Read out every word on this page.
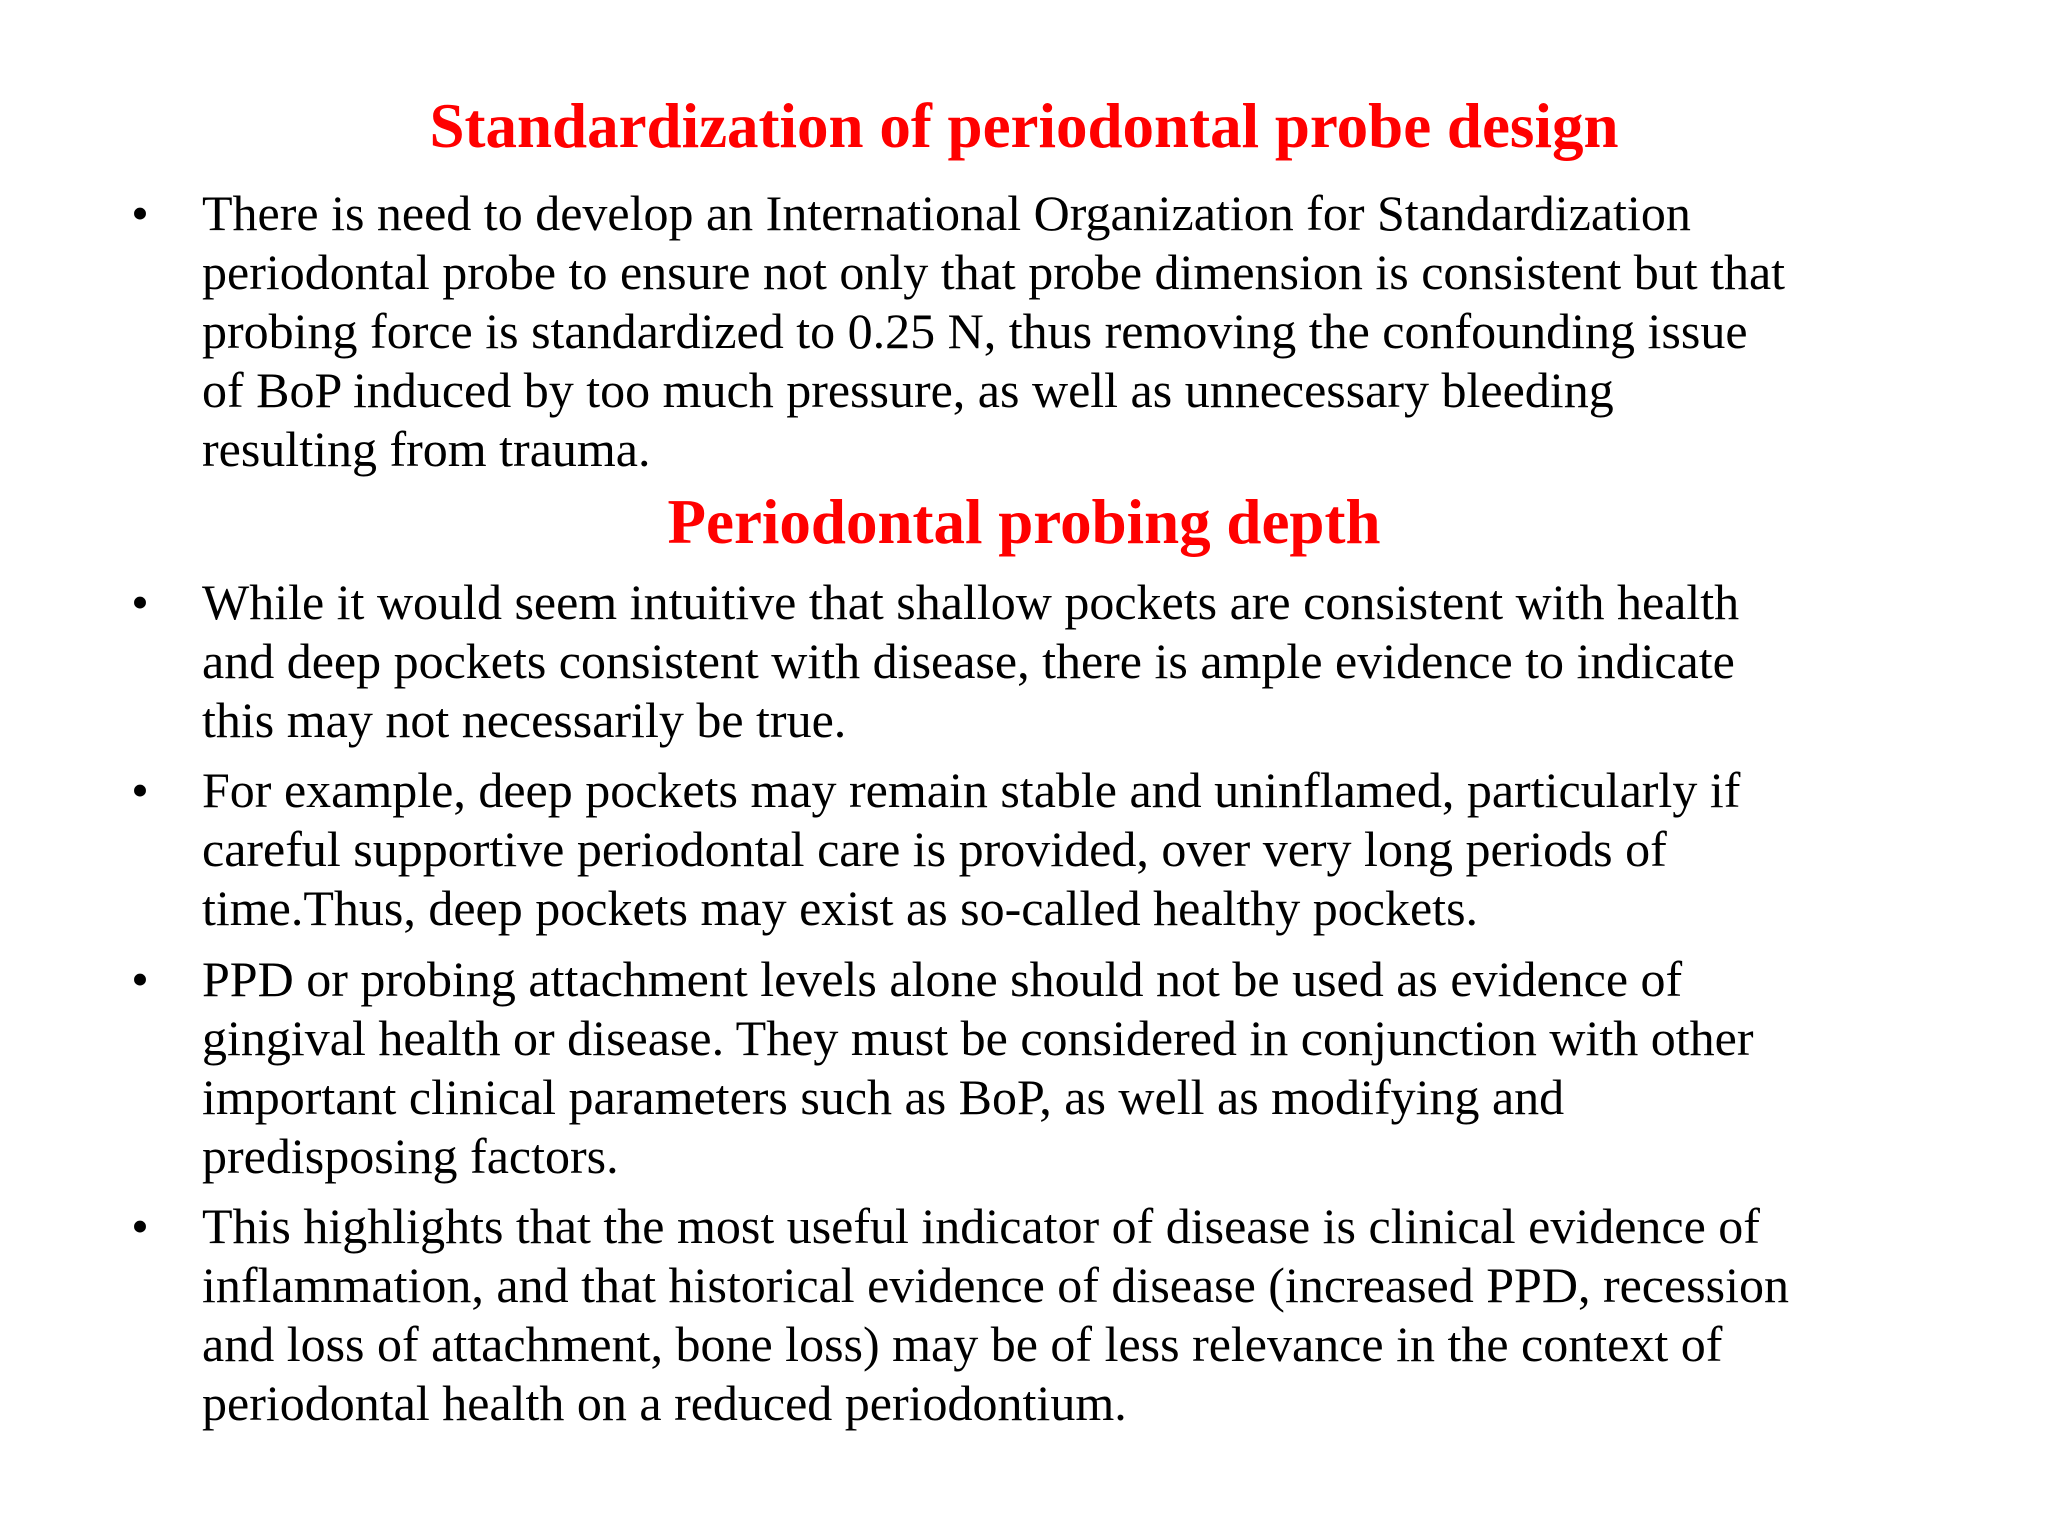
Standardization of periodontal probe design
• There is need to develop an International Organization for Standardization
periodontal probe to ensure not only that probe dimension is consistent but that
probing force is standardized to 0.25 N, thus removing the confounding issue
of BoP induced by too much pressure, as well as unnecessary bleeding
resulting from trauma.
Periodontal probing depth
• While it would seem intuitive that shallow pockets are consistent with health
and deep pockets consistent with disease, there is ample evidence to indicate
this may not necessarily be true.
• For example, deep pockets may remain stable and uninflamed, particularly if
careful supportive periodontal care is provided, over very long periods of
time.Thus, deep pockets may exist as so-called healthy pockets.
• PPD or probing attachment levels alone should not be used as evidence of
gingival health or disease. They must be considered in conjunction with other
important clinical parameters such as BoP, as well as modifying and
predisposing factors.
• This highlights that the most useful indicator of disease is clinical evidence of
inflammation, and that historical evidence of disease (increased PPD, recession
and loss of attachment, bone loss) may be of less relevance in the context of
periodontal health on a reduced periodontium.
